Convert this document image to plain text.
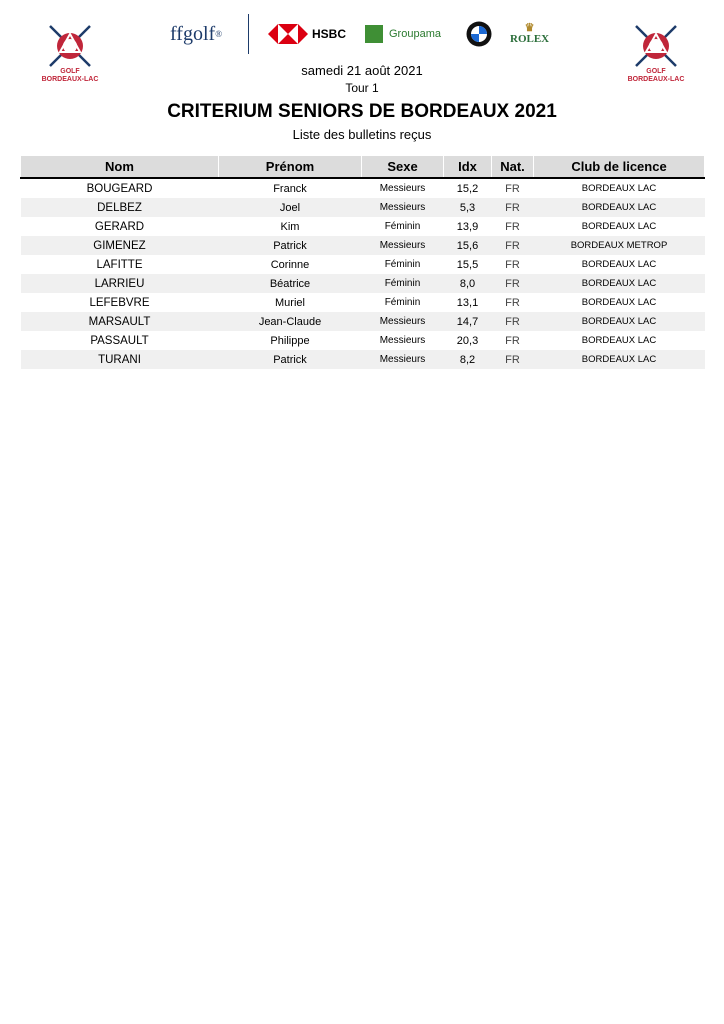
GOLF
BORDEAUX-LAC
GOLF
BORDEAUX-LAC
ffgolf ®	HSBC	Groupama	♛
ROLEX
samedi 21 août 2021
Tour 1
CRITERIUM SENIORS DE BORDEAUX 2021
Liste des bulletins reçus
Nom	Prénom	Sexe	Idx	Nat.	Club de licence
BOUGEARD	Franck	Messieurs	15,2	FR	BORDEAUX LAC
DELBEZ	Joel	Messieurs	5,3	FR	BORDEAUX LAC
GERARD	Kim	Féminin	13,9	FR	BORDEAUX LAC
GIMENEZ	Patrick	Messieurs	15,6	FR	BORDEAUX METROP
LAFITTE	Corinne	Féminin	15,5	FR	BORDEAUX LAC
LARRIEU	Béatrice	Féminin	8,0	FR	BORDEAUX LAC
LEFEBVRE	Muriel	Féminin	13,1	FR	BORDEAUX LAC
MARSAULT	Jean-Claude	Messieurs	14,7	FR	BORDEAUX LAC
PASSAULT	Philippe	Messieurs	20,3	FR	BORDEAUX LAC
TURANI	Patrick	Messieurs	8,2	FR	BORDEAUX LAC
